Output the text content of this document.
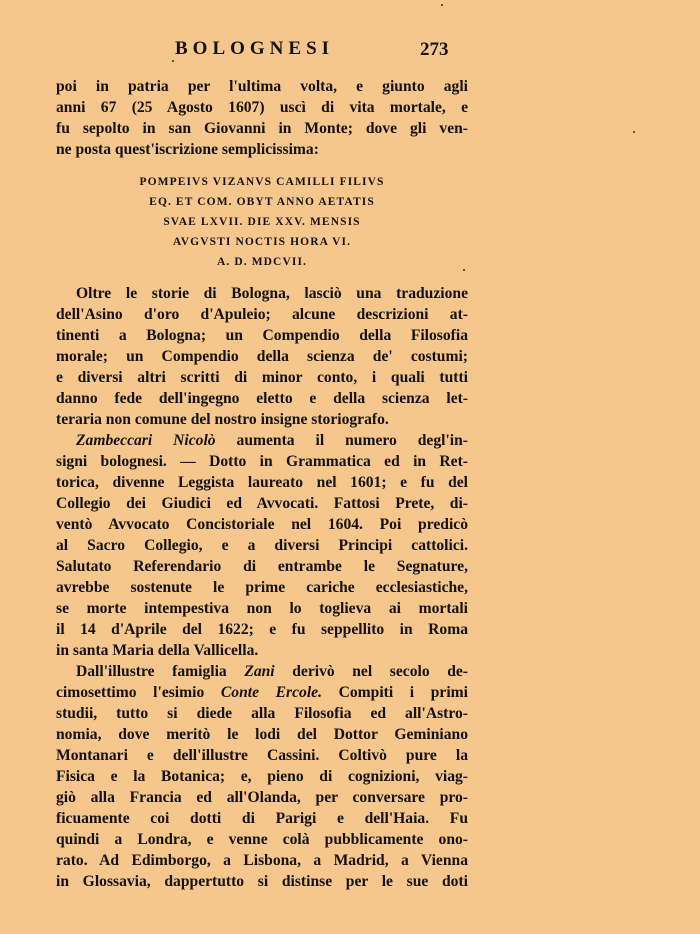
BOLOGNESI	273
poi in patria per l'ultima volta, e giunto agli
anni 67 (25 Agosto 1607) uscì di vita mortale, e
fu sepolto in san Giovanni in Monte; dove gli ven-
ne posta quest'iscrizione semplicissima:
POMPEIVS VIZANVS CAMILLI FILIVS
EQ. ET COM. OBYT ANNO AETATIS
SVAE LXVII. DIE XXV. MENSIS
AVGVSTI NOCTIS HORA VI.
A. D. MDCVII.
Oltre le storie di Bologna, lasciò una traduzione
dell'Asino d'oro d'Apuleio; alcune descrizioni at-
tinenti a Bologna; un Compendio della Filosofia
morale; un Compendio della scienza de' costumi;
e diversi altri scritti di minor conto, i quali tutti
danno fede dell'ingegno eletto e della scienza let-
teraria non comune del nostro insigne storiografo.
Zambeccari Nicolò aumenta il numero degl'in-
signi bolognesi. — Dotto in Grammatica ed in Ret-
torica, divenne Leggista laureato nel 1601; e fu del
Collegio dei Giudici ed Avvocati. Fattosi Prete, di-
ventò Avvocato Concistoriale nel 1604. Poi predicò
al Sacro Collegio, e a diversi Principi cattolici.
Salutato Referendario di entrambe le Segnature,
avrebbe sostenute le prime cariche ecclesiastiche,
se morte intempestiva non lo toglieva ai mortali
il 14 d'Aprile del 1622; e fu seppellito in Roma
in santa Maria della Vallicella.
Dall'illustre famiglia Zani derivò nel secolo de-
cimosettimo l'esimio Conte Ercole. Compiti i primi
studii, tutto si diede alla Filosofia ed all'Astro-
nomia, dove meritò le lodi del Dottor Geminiano
Montanari e dell'illustre Cassini. Coltivò pure la
Fisica e la Botanica; e, pieno di cognizioni, viag-
giò alla Francia ed all'Olanda, per conversare pro-
ficuamente coi dotti di Parigi e dell'Haia. Fu
quindi a Londra, e venne colà pubblicamente ono-
rato. Ad Edimborgo, a Lisbona, a Madrid, a Vienna
in Glossavia, dappertutto si distinse per le sue doti
